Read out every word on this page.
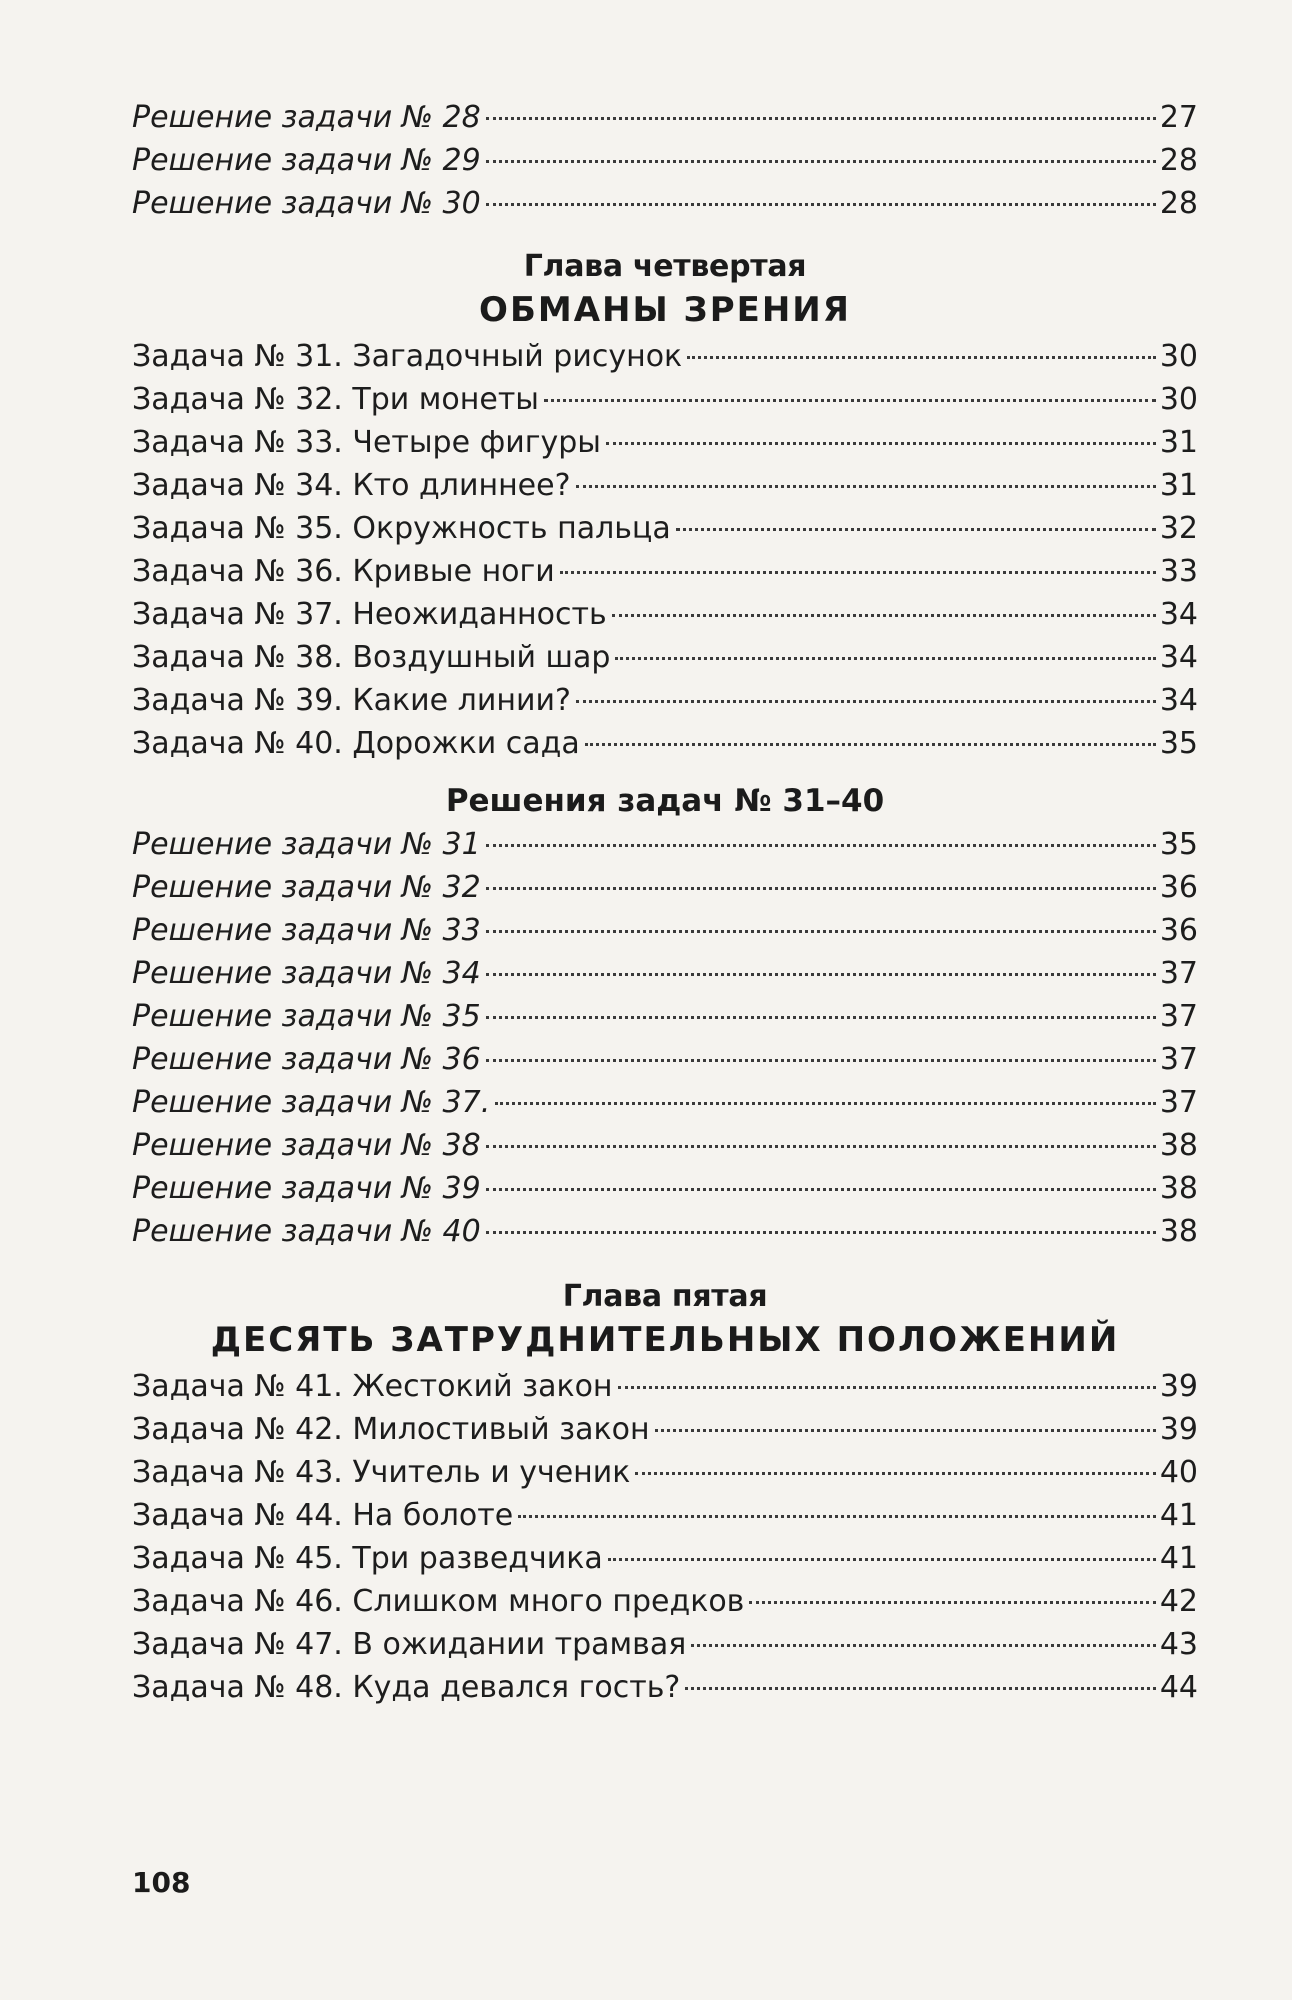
Решение задачи № 28	27
Решение задачи № 29	28
Решение задачи № 30	28
Глава четвертая
ОБМАНЫ ЗРЕНИЯ
Задача № 31. Загадочный рисунок	30
Задача № 32. Три монеты	30
Задача № 33. Четыре фигуры	31
Задача № 34. Кто длиннее?	31
Задача № 35. Окружность пальца	32
Задача № 36. Кривые ноги	33
Задача № 37. Неожиданность	34
Задача № 38. Воздушный шар	34
Задача № 39. Какие линии?	34
Задача № 40. Дорожки сада	35
Решения задач № 31–40
Решение задачи № 31	35
Решение задачи № 32	36
Решение задачи № 33	36
Решение задачи № 34	37
Решение задачи № 35	37
Решение задачи № 36	37
Решение задачи № 37.	37
Решение задачи № 38	38
Решение задачи № 39	38
Решение задачи № 40	38
Глава пятая
ДЕСЯТЬ ЗАТРУДНИТЕЛЬНЫХ ПОЛОЖЕНИЙ
Задача № 41. Жестокий закон	39
Задача № 42. Милостивый закон	39
Задача № 43. Учитель и ученик	40
Задача № 44. На болоте	41
Задача № 45. Три разведчика	41
Задача № 46. Слишком много предков	42
Задача № 47. В ожидании трамвая	43
Задача № 48. Куда девался гость?	44
108
